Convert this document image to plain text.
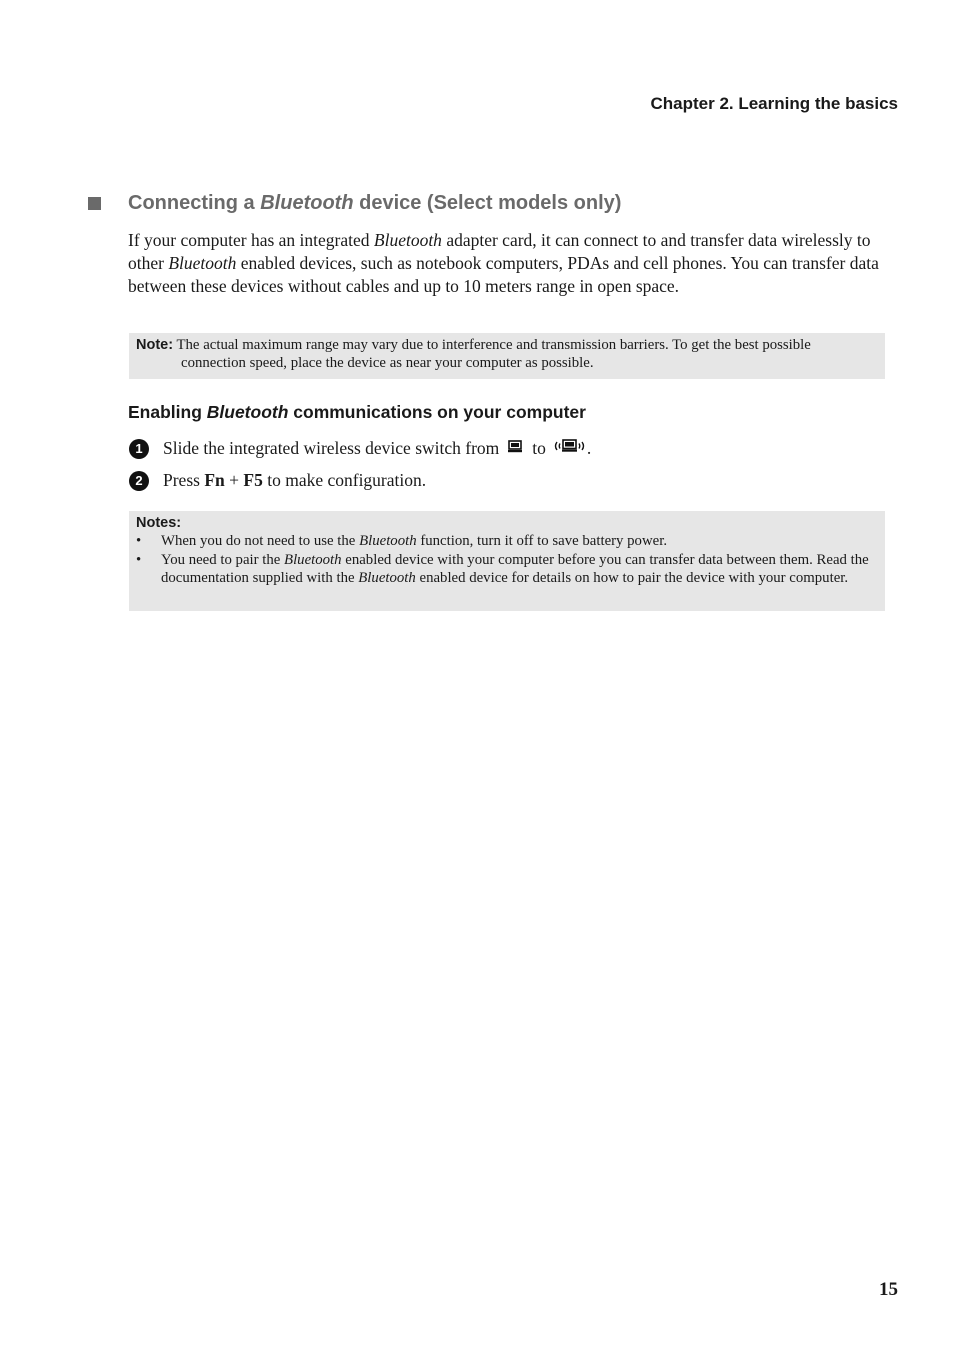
Chapter 2. Learning the basics
Connecting a Bluetooth device (Select models only)

If your computer has an integrated Bluetooth adapter card, it can connect to and transfer data wirelessly to other Bluetooth enabled devices, such as notebook computers, PDAs and cell phones. You can transfer data between these devices without cables and up to 10 meters range in open space.

Note: The actual maximum range may vary due to interference and transmission barriers. To get the best possible connection speed, place the device as near your computer as possible.
Enabling Bluetooth communications on your computer
1	Slide the integrated wireless device switch from to .
2	Press Fn + F5 to make configuration.
Notes:
• When you do not need to use the Bluetooth function, turn it off to save battery power.
• You need to pair the Bluetooth enabled device with your computer before you can transfer data between them. Read the documentation supplied with the Bluetooth enabled device for details on how to pair the device with your computer.
15
